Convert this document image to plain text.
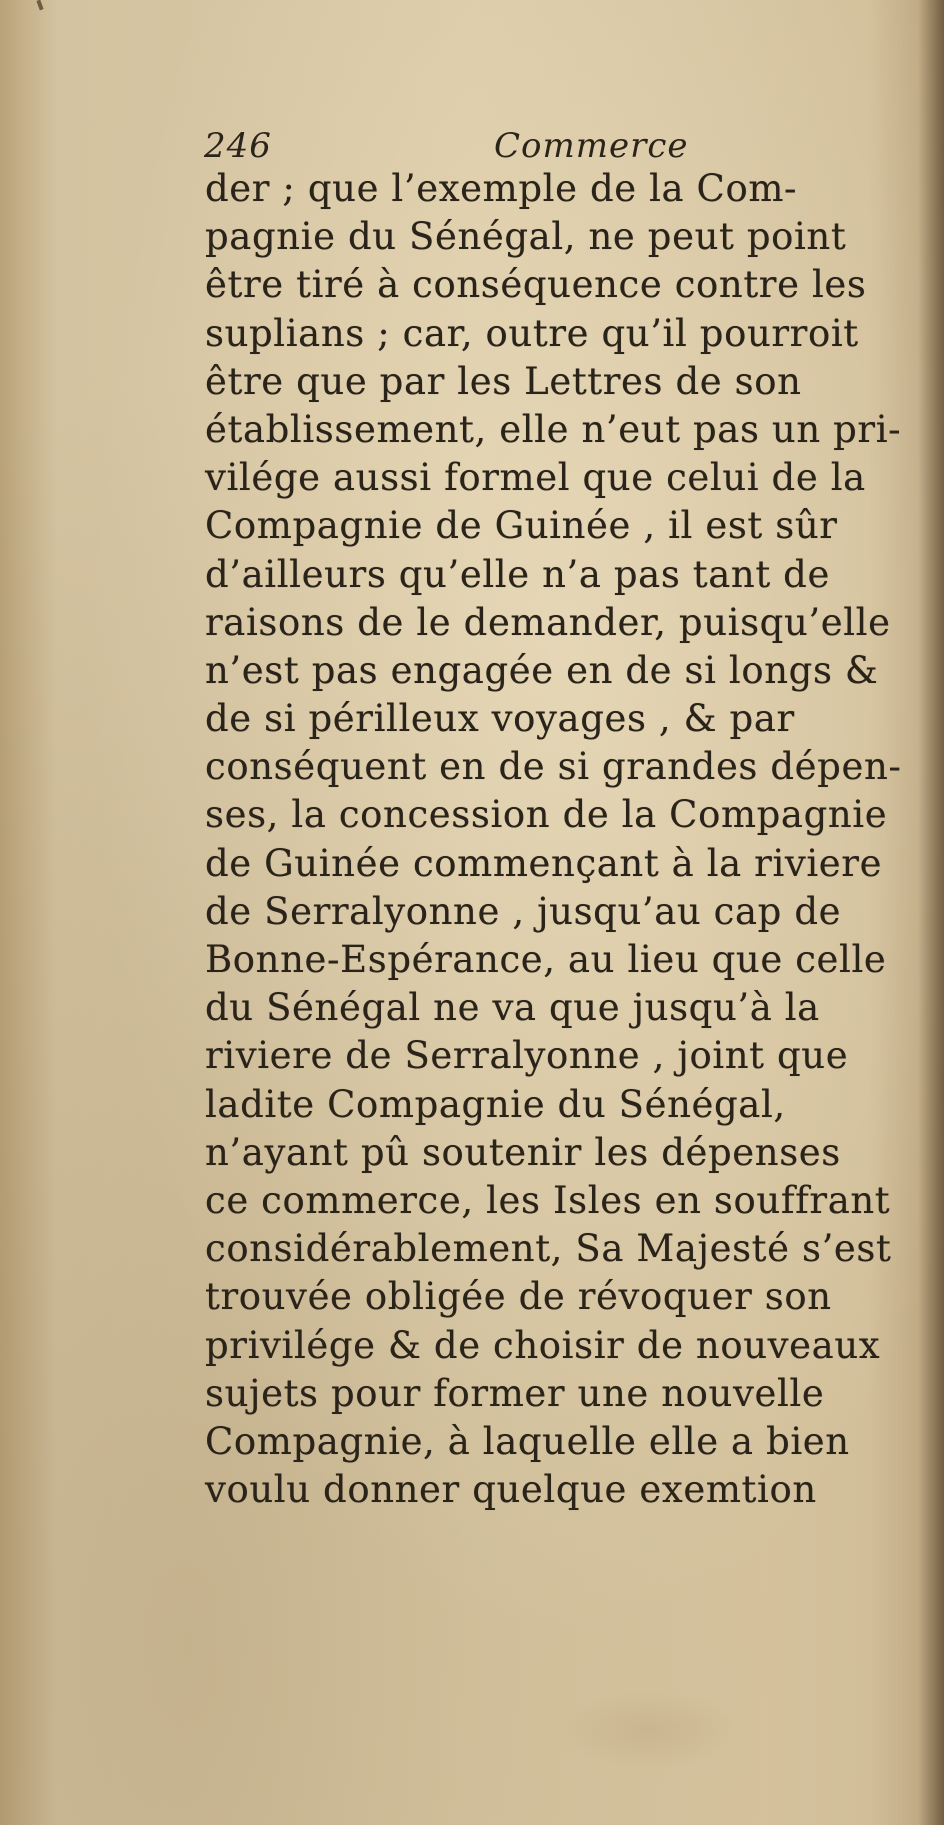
246	Commerce
der ; que l’exemple de la Com-
pagnie du Sénégal, ne peut point
être tiré à conséquence contre les
suplians ; car, outre qu’il pourroit
être que par les Lettres de son
établissement, elle n’eut pas un pri-
vilége aussi formel que celui de la
Compagnie de Guinée , il est sûr
d’ailleurs qu’elle n’a pas tant de
raisons de le demander, puisqu’elle
n’est pas engagée en de si longs &
de si périlleux voyages , & par
conséquent en de si grandes dépen-
ses, la concession de la Compagnie
de Guinée commençant à la riviere
de Serralyonne , jusqu’au cap de
Bonne-Espérance, au lieu que celle
du Sénégal ne va que jusqu’à la
riviere de Serralyonne , joint que
ladite Compagnie du Sénégal,
n’ayant pû soutenir les dépenses
ce commerce, les Isles en souffrant
considérablement, Sa Majesté s’est
trouvée obligée de révoquer son
privilége & de choisir de nouveaux
sujets pour former une nouvelle
Compagnie, à laquelle elle a bien
voulu donner quelque exemtion
